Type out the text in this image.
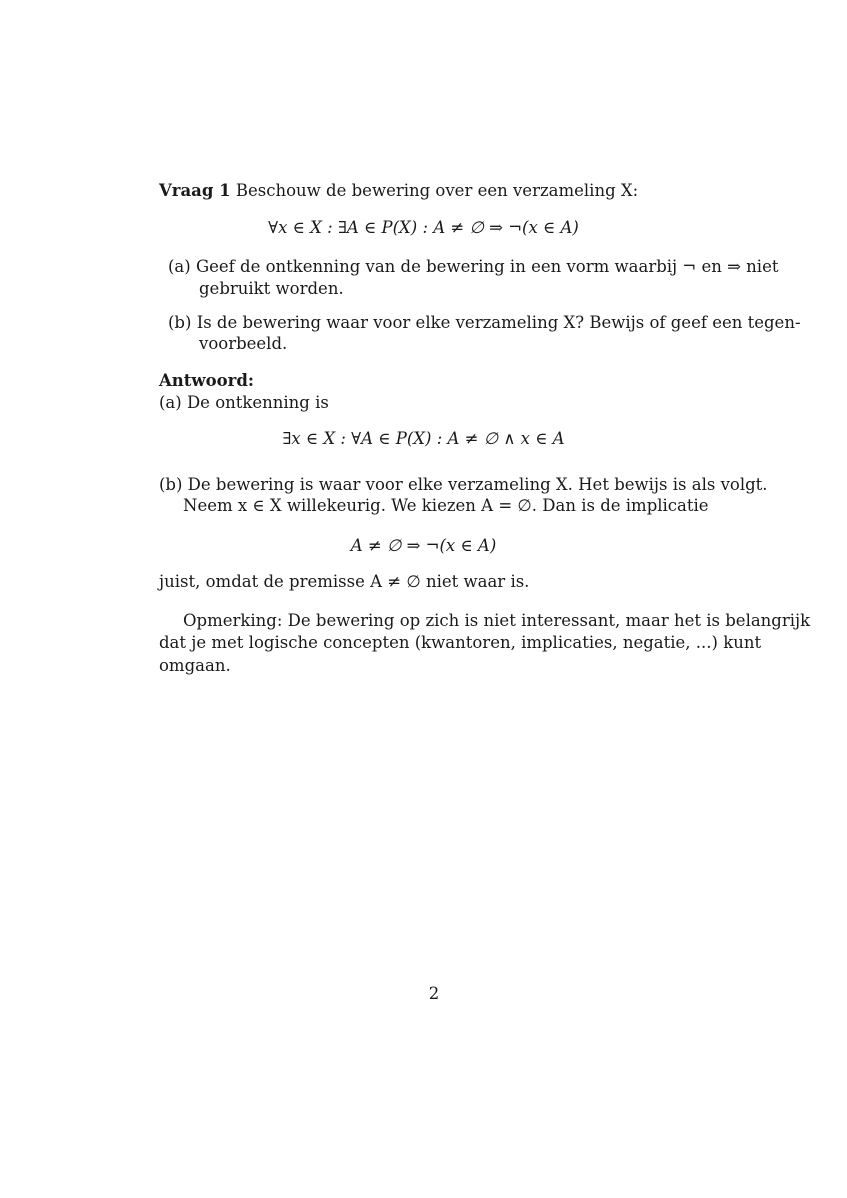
Vraag 1 Beschouw de bewering over een verzameling X:
∀x ∈ X : ∃A ∈ P(X) : A ≠ ∅ ⇒ ¬(x ∈ A)
(a) Geef de ontkenning van de bewering in een vorm waarbij ¬ en ⇒ niet
gebruikt worden.
(b) Is de bewering waar voor elke verzameling X? Bewijs of geef een tegen-
voorbeeld.
Antwoord:
(a) De ontkenning is
∃x ∈ X : ∀A ∈ P(X) : A ≠ ∅ ∧ x ∈ A
(b) De bewering is waar voor elke verzameling X. Het bewijs is als volgt.
Neem x ∈ X willekeurig. We kiezen A = ∅. Dan is de implicatie
A ≠ ∅ ⇒ ¬(x ∈ A)
juist, omdat de premisse A ≠ ∅ niet waar is.
Opmerking: De bewering op zich is niet interessant, maar het is belangrijk
dat je met logische concepten (kwantoren, implicaties, negatie, ...) kunt
omgaan.
2
